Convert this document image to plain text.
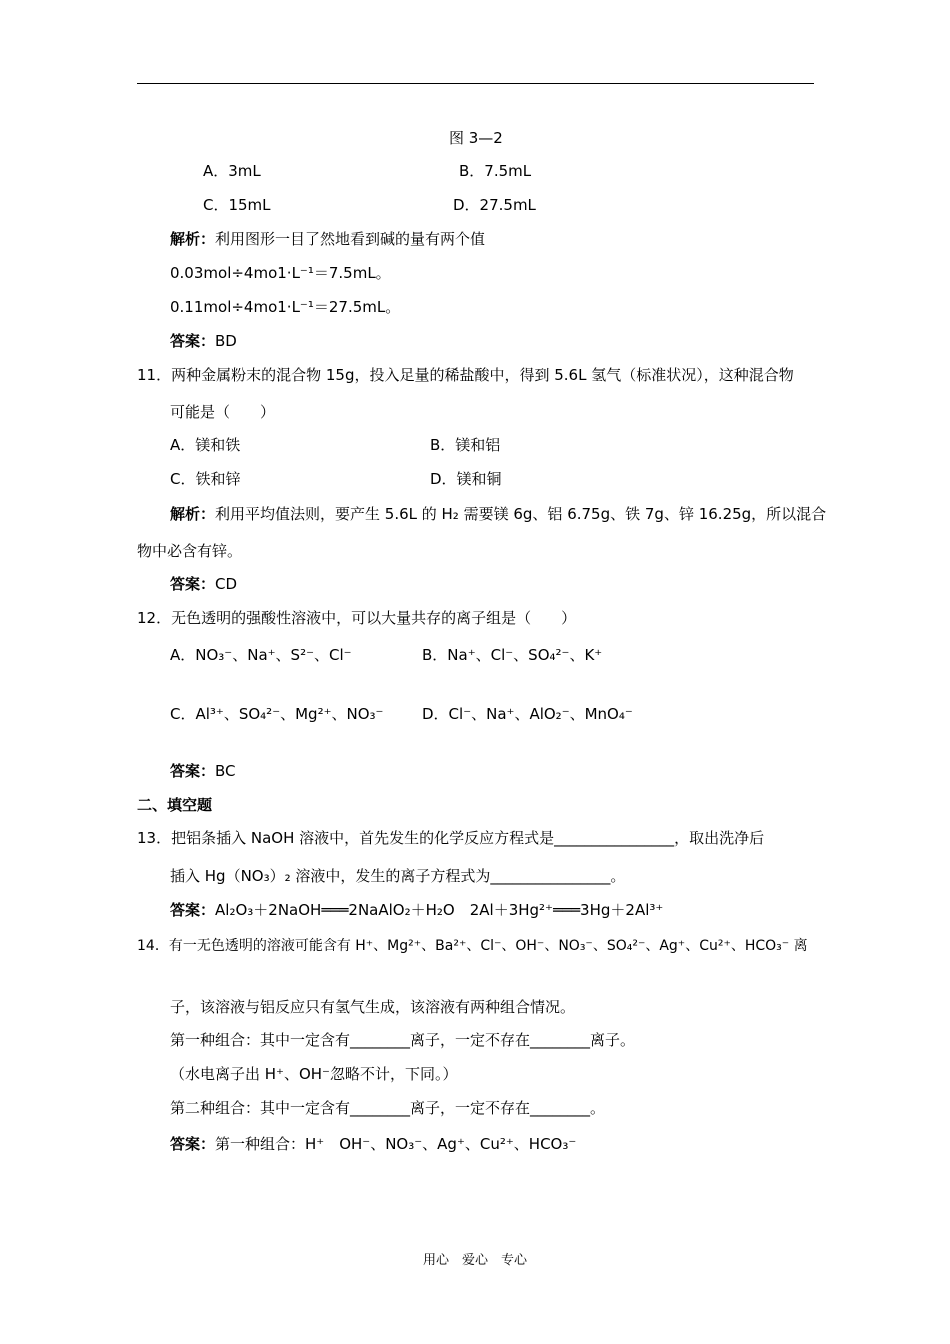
图 3—2
A．3mL	B．7.5mL
C．15mL	D．27.5mL
解析：利用图形一目了然地看到碱的量有两个值
0.03mol÷4mo1·L⁻¹＝7.5mL。
0.11mol÷4mo1·L⁻¹＝27.5mL。
答案：BD
11．两种金属粉末的混合物 15g，投入足量的稀盐酸中，得到 5.6L 氢气（标准状况），这种混合物
可能是（　　）
A．镁和铁	B．镁和铝
C．铁和锌	D．镁和铜
解析：利用平均值法则，要产生 5.6L 的 H₂ 需要镁 6g、铝 6.75g、铁 7g、锌 16.25g，所以混合
物中必含有锌。
答案：CD
12．无色透明的强酸性溶液中，可以大量共存的离子组是（　　）
A．NO₃⁻、Na⁺、S²⁻、Cl⁻	B．Na⁺、Cl⁻、SO₄²⁻、K⁺
C．Al³⁺、SO₄²⁻、Mg²⁺、NO₃⁻	D．Cl⁻、Na⁺、AlO₂⁻、MnO₄⁻
答案：BC
二、填空题
13．把铝条插入 NaOH 溶液中，首先发生的化学反应方程式是________________，取出洗净后
插入 Hg（NO₃）₂ 溶液中，发生的离子方程式为________________。
答案：Al₂O₃＋2NaOH═══2NaAlO₂＋H₂O　2Al＋3Hg²⁺═══3Hg＋2Al³⁺
14．有一无色透明的溶液可能含有 H⁺、Mg²⁺、Ba²⁺、Cl⁻、OH⁻、NO₃⁻、SO₄²⁻、Ag⁺、Cu²⁺、HCO₃⁻ 离
子，该溶液与铝反应只有氢气生成，该溶液有两种组合情况。
第一种组合：其中一定含有________离子，一定不存在________离子。
（水电离子出 H⁺、OH⁻忽略不计，下同。）
第二种组合：其中一定含有________离子，一定不存在________。
答案：第一种组合：H⁺　OH⁻、NO₃⁻、Ag⁺、Cu²⁺、HCO₃⁻
用心　爱心　专心
